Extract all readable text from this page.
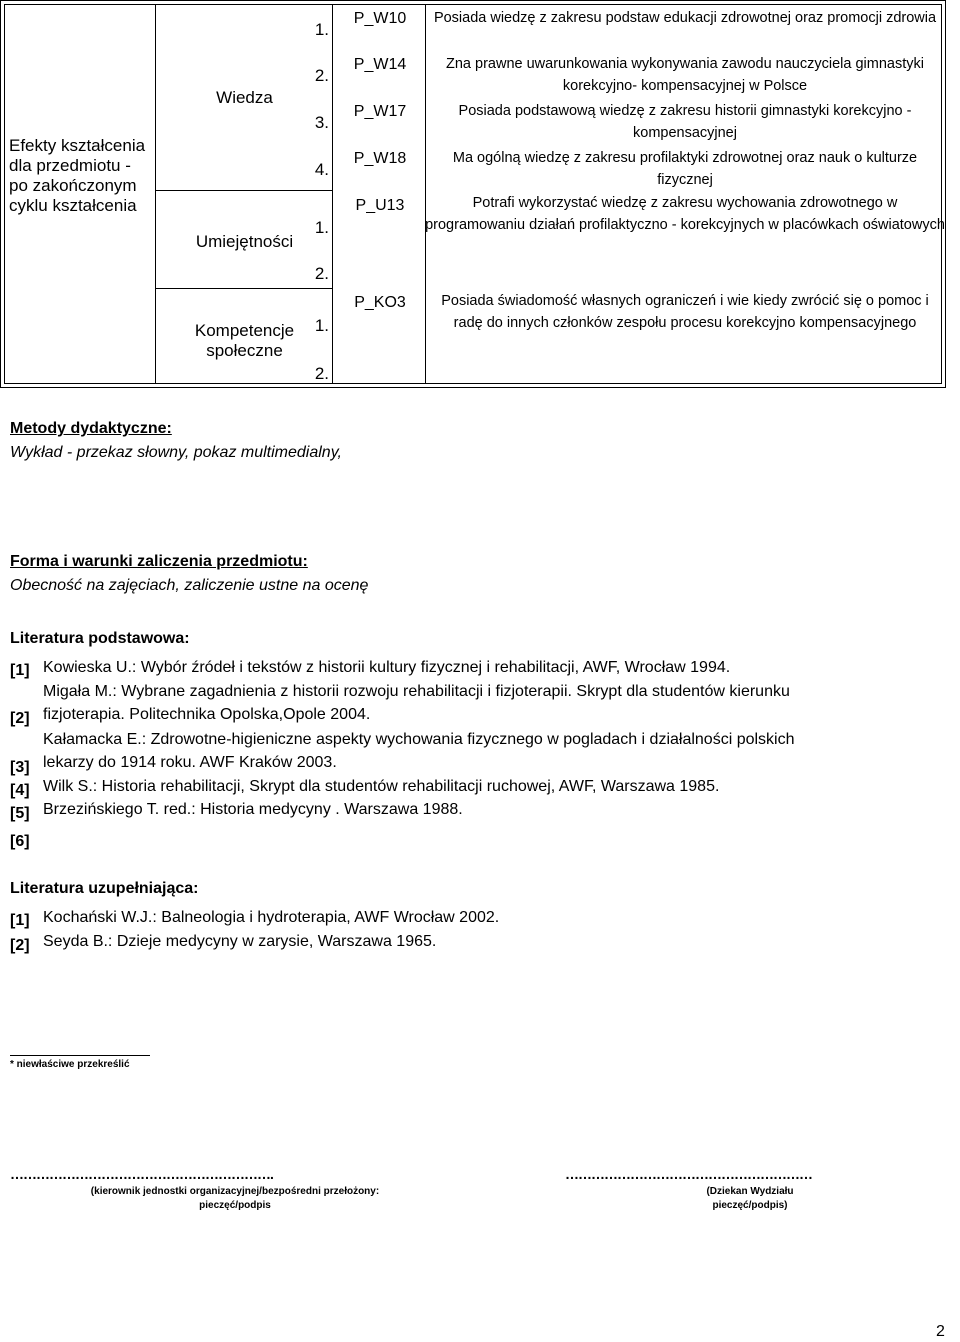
Efekty kształcenia dla przedmiotu - po zakończonym cyklu kształcenia
Wiedza
Umiejętności
Kompetencje społeczne
1.
2.
3.
4.
1.
2.
1.
2.
P_W10
P_W14
P_W17
P_W18
P_U13
P_KO3
Posiada wiedzę z zakresu podstaw edukacji zdrowotnej oraz promocji zdrowia
Zna prawne uwarunkowania wykonywania zawodu nauczyciela gimnastyki korekcyjno- kompensacyjnej w Polsce
Posiada podstawową wiedzę z zakresu historii gimnastyki korekcyjno - kompensacyjnej
Ma ogólną wiedzę z zakresu profilaktyki zdrowotnej oraz nauk o kulturze fizycznej
Potrafi wykorzystać wiedzę z zakresu wychowania zdrowotnego w programowaniu działań profilaktyczno - korekcyjnych w placówkach oświatowych
Posiada świadomość własnych ograniczeń i wie kiedy zwrócić się o pomoc i radę do innych członków zespołu procesu korekcyjno kompensacyjnego
Metody dydaktyczne:
Wykład - przekaz słowny, pokaz multimedialny,
Forma i warunki zaliczenia przedmiotu:
Obecność na zajęciach, zaliczenie ustne na ocenę
Literatura podstawowa:
[1] Kowieska U.: Wybór źródeł i tekstów z historii kultury fizycznej i rehabilitacji, AWF, Wrocław 1994.
[2]
Migała M.: Wybrane zagadnienia z historii rozwoju rehabilitacji i fizjoterapii. Skrypt dla studentów kierunku
fizjoterapia. Politechnika Opolska,Opole 2004.
[3]
Kałamacka E.: Zdrowotne-higieniczne aspekty wychowania fizycznego w pogladach i działalności polskich
lekarzy do 1914 roku. AWF Kraków 2003.
[4] Wilk S.: Historia rehabilitacji, Skrypt dla studentów rehabilitacji ruchowej, AWF, Warszawa 1985.
[5] Brzezińskiego T. red.: Historia medycyny . Warszawa 1988.
[6]
Literatura uzupełniająca:
[1] Kochański W.J.: Balneologia i hydroterapia, AWF Wrocław 2002.
[2] Seyda B.: Dzieje medycyny w zarysie, Warszawa 1965.
* niewłaściwe przekreślić
…………………………………………………….
(kierownik jednostki organizacyjnej/bezpośredni przełożony:
pieczęć/podpis
…………………………………………………
(Dziekan Wydziału
pieczęć/podpis)
2
